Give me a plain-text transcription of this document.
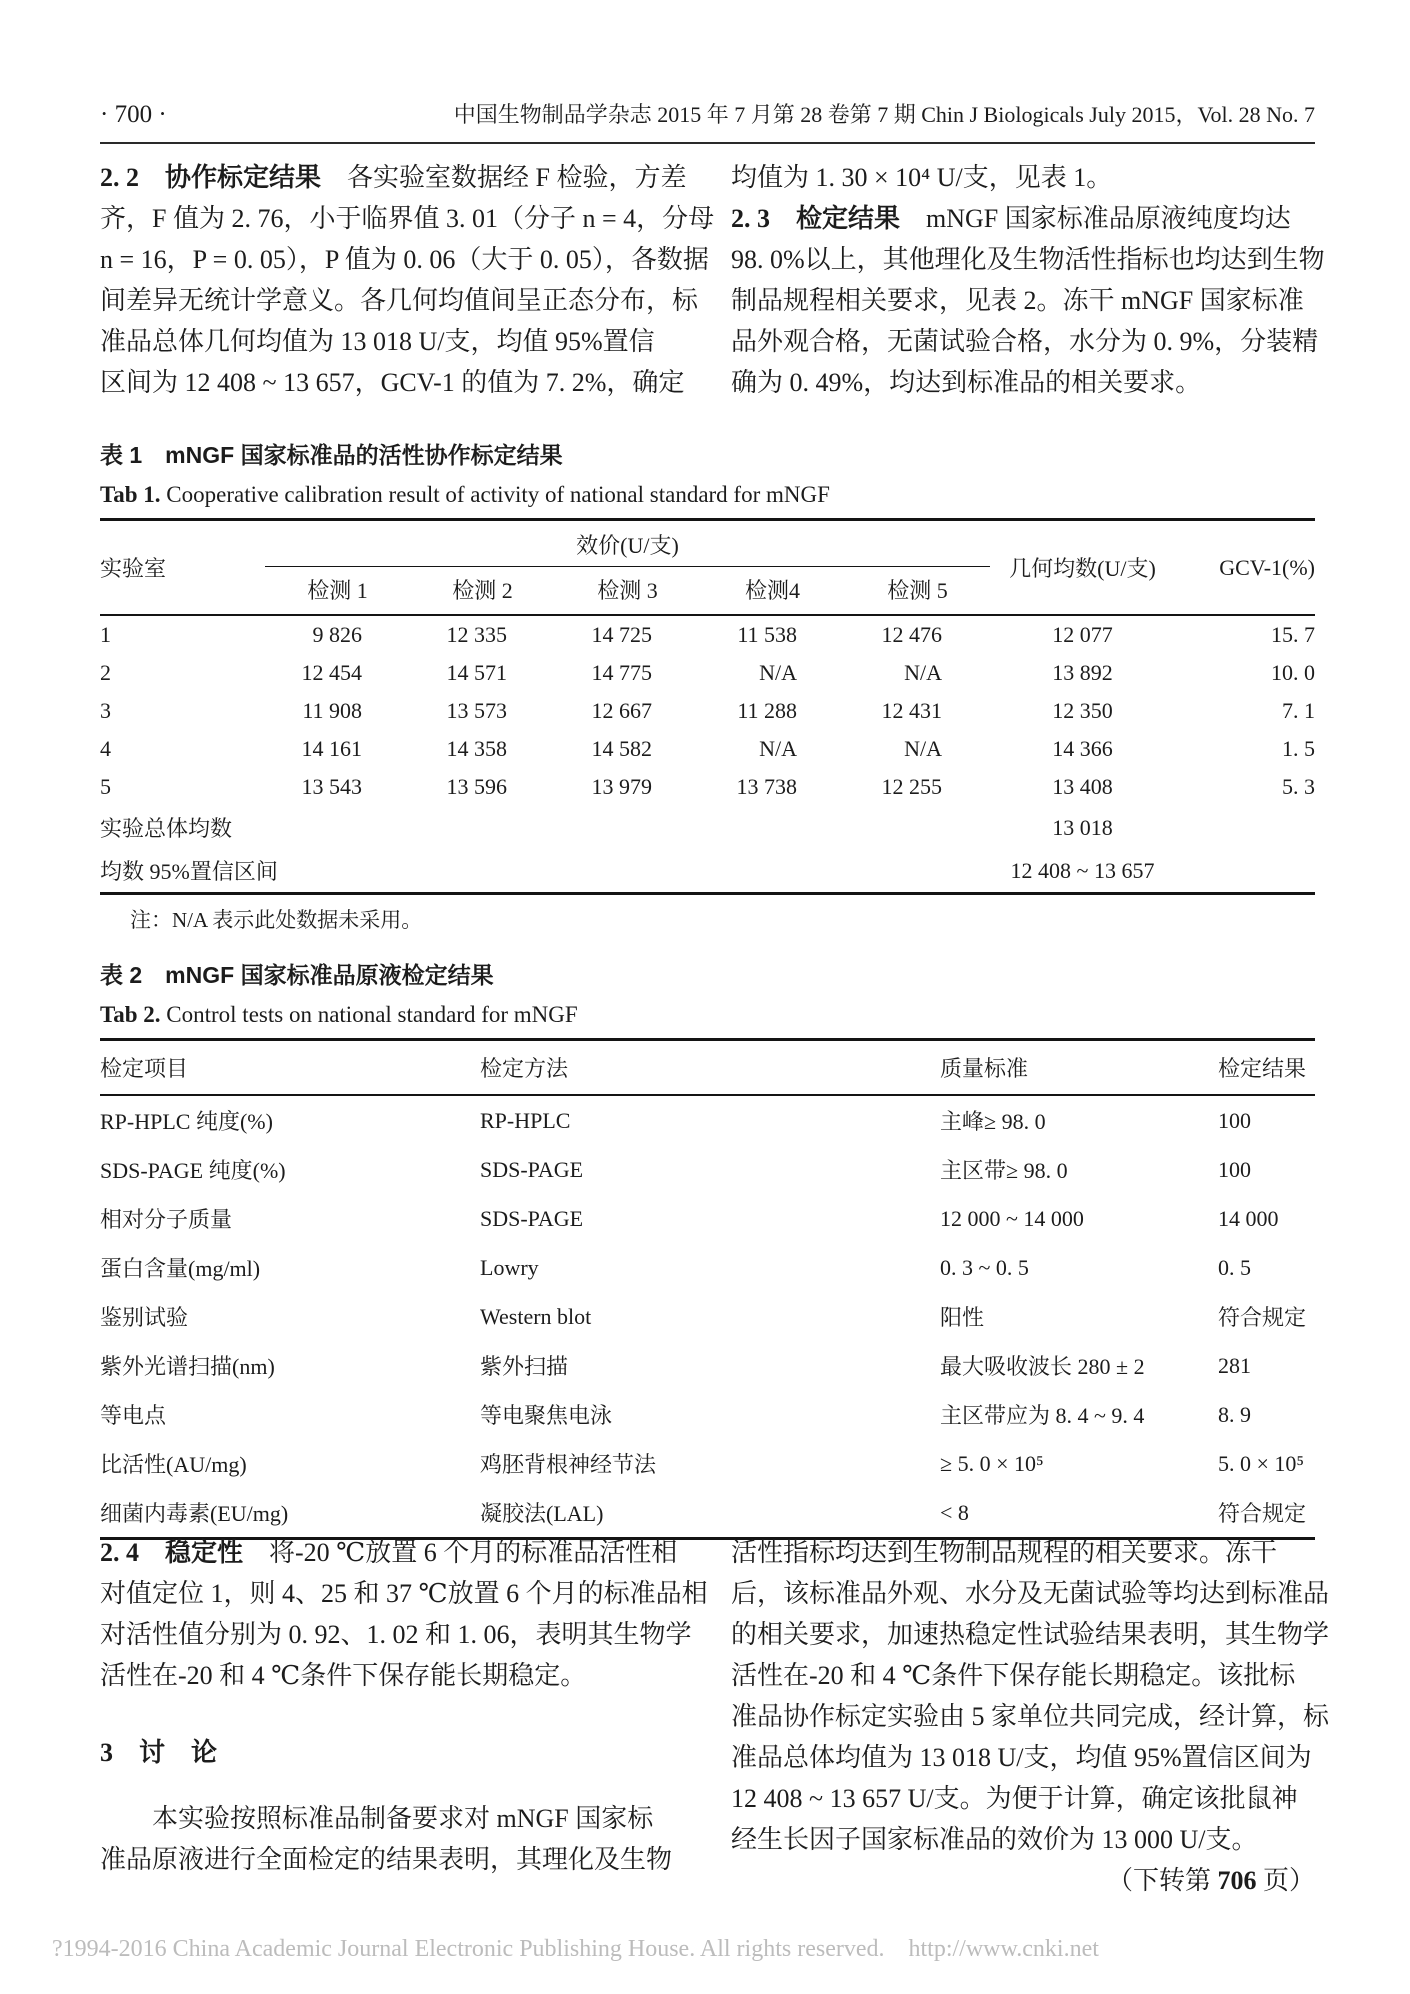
· 700 ·	中国生物制品学杂志 2015 年 7 月第 28 卷第 7 期 Chin J Biologicals July 2015，Vol. 28 No. 7
2. 2　协作标定结果　各实验室数据经 F 检验，方差
齐，F 值为 2. 76，小于临界值 3. 01（分子 n = 4，分母
n = 16，P = 0. 05），P 值为 0. 06（大于 0. 05），各数据
间差异无统计学意义。各几何均值间呈正态分布，标
准品总体几何均值为 13 018 U/支，均值 95%置信
区间为 12 408 ~ 13 657，GCV-1 的值为 7. 2%，确定
均值为 1. 30 × 10⁴ U/支，见表 1。
2. 3　检定结果　mNGF 国家标准品原液纯度均达
98. 0%以上，其他理化及生物活性指标也均达到生物
制品规程相关要求，见表 2。冻干 mNGF 国家标准
品外观合格，无菌试验合格，水分为 0. 9%，分装精
确为 0. 49%，均达到标准品的相关要求。
表 1　mNGF 国家标准品的活性协作标定结果
Tab 1. Cooperative calibration result of activity of national standard for mNGF
实验室	效价(U/支)					几何均数(U/支)	GCV-1(%)
	检测 1	检测 2	检测 3	检测4	检测 5		
1	9 826	12 335	14 725	11 538	12 476	12 077	15. 7
2	12 454	14 571	14 775	N/A	N/A	13 892	10. 0
3	11 908	13 573	12 667	11 288	12 431	12 350	7. 1
4	14 161	14 358	14 582	N/A	N/A	14 366	1. 5
5	13 543	13 596	13 979	13 738	12 255	13 408	5. 3
实验总体均数						13 018	
均数 95%置信区间						12 408 ~ 13 657	
注：N/A 表示此处数据未采用。
表 2　mNGF 国家标准品原液检定结果
Tab 2. Control tests on national standard for mNGF
检定项目	检定方法	质量标准	检定结果
RP-HPLC 纯度(%)	RP-HPLC	主峰≥ 98. 0	100
SDS-PAGE 纯度(%)	SDS-PAGE	主区带≥ 98. 0	100
相对分子质量	SDS-PAGE	12 000 ~ 14 000	14 000
蛋白含量(mg/ml)	Lowry	0. 3 ~ 0. 5	0. 5
鉴别试验	Western blot	阳性	符合规定
紫外光谱扫描(nm)	紫外扫描	最大吸收波长 280 ± 2	281
等电点	等电聚焦电泳	主区带应为 8. 4 ~ 9. 4	8. 9
比活性(AU/mg)	鸡胚背根神经节法	≥ 5. 0 × 10⁵	5. 0 × 10⁵
细菌内毒素(EU/mg)	凝胶法(LAL)	< 8	符合规定
2. 4　稳定性　将-20 ℃放置 6 个月的标准品活性相
对值定位 1，则 4、25 和 37 ℃放置 6 个月的标准品相
对活性值分别为 0. 92、1. 02 和 1. 06，表明其生物学
活性在-20 和 4 ℃条件下保存能长期稳定。
3　讨　论
　　本实验按照标准品制备要求对 mNGF 国家标
准品原液进行全面检定的结果表明，其理化及生物
活性指标均达到生物制品规程的相关要求。冻干
后，该标准品外观、水分及无菌试验等均达到标准品
的相关要求，加速热稳定性试验结果表明，其生物学
活性在-20 和 4 ℃条件下保存能长期稳定。该批标
准品协作标定实验由 5 家单位共同完成，经计算，标
准品总体均值为 13 018 U/支，均值 95%置信区间为
12 408 ~ 13 657 U/支。为便于计算，确定该批鼠神
经生长因子国家标准品的效价为 13 000 U/支。
（下转第 706 页）
?1994-2016 China Academic Journal Electronic Publishing House. All rights reserved.    http://www.cnki.net
